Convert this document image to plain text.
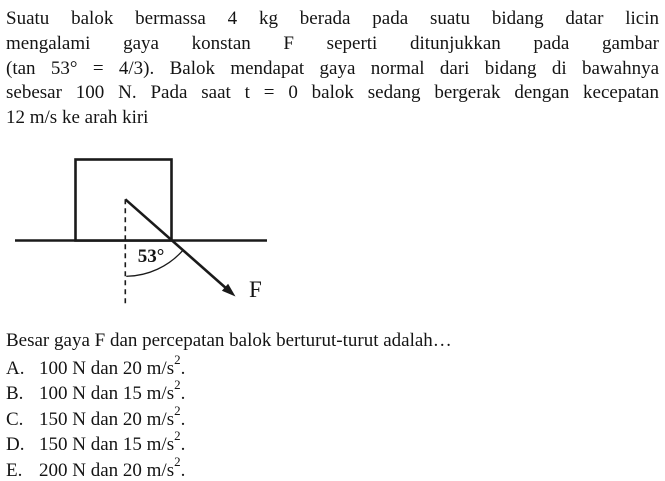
Suatu balok bermassa 4 kg berada pada suatu bidang datar licin
mengalami gaya konstan F seperti ditunjukkan pada gambar
(tan 53° = 4/3). Balok mendapat gaya normal dari bidang di bawahnya
sebesar 100 N. Pada saat t = 0 balok sedang bergerak dengan kecepatan
12 m/s ke arah kiri
53°
F

Besar gaya F dan percepatan balok berturut-turut adalah…

A. 100 N dan 20 $m/s^2$.
B. 100 N dan 15 $m/s^2$.
C. 150 N dan 20 $m/s^2$.
D. 150 N dan 15 $m/s^2$.
E. 200 N dan 20 $m/s^2$.
